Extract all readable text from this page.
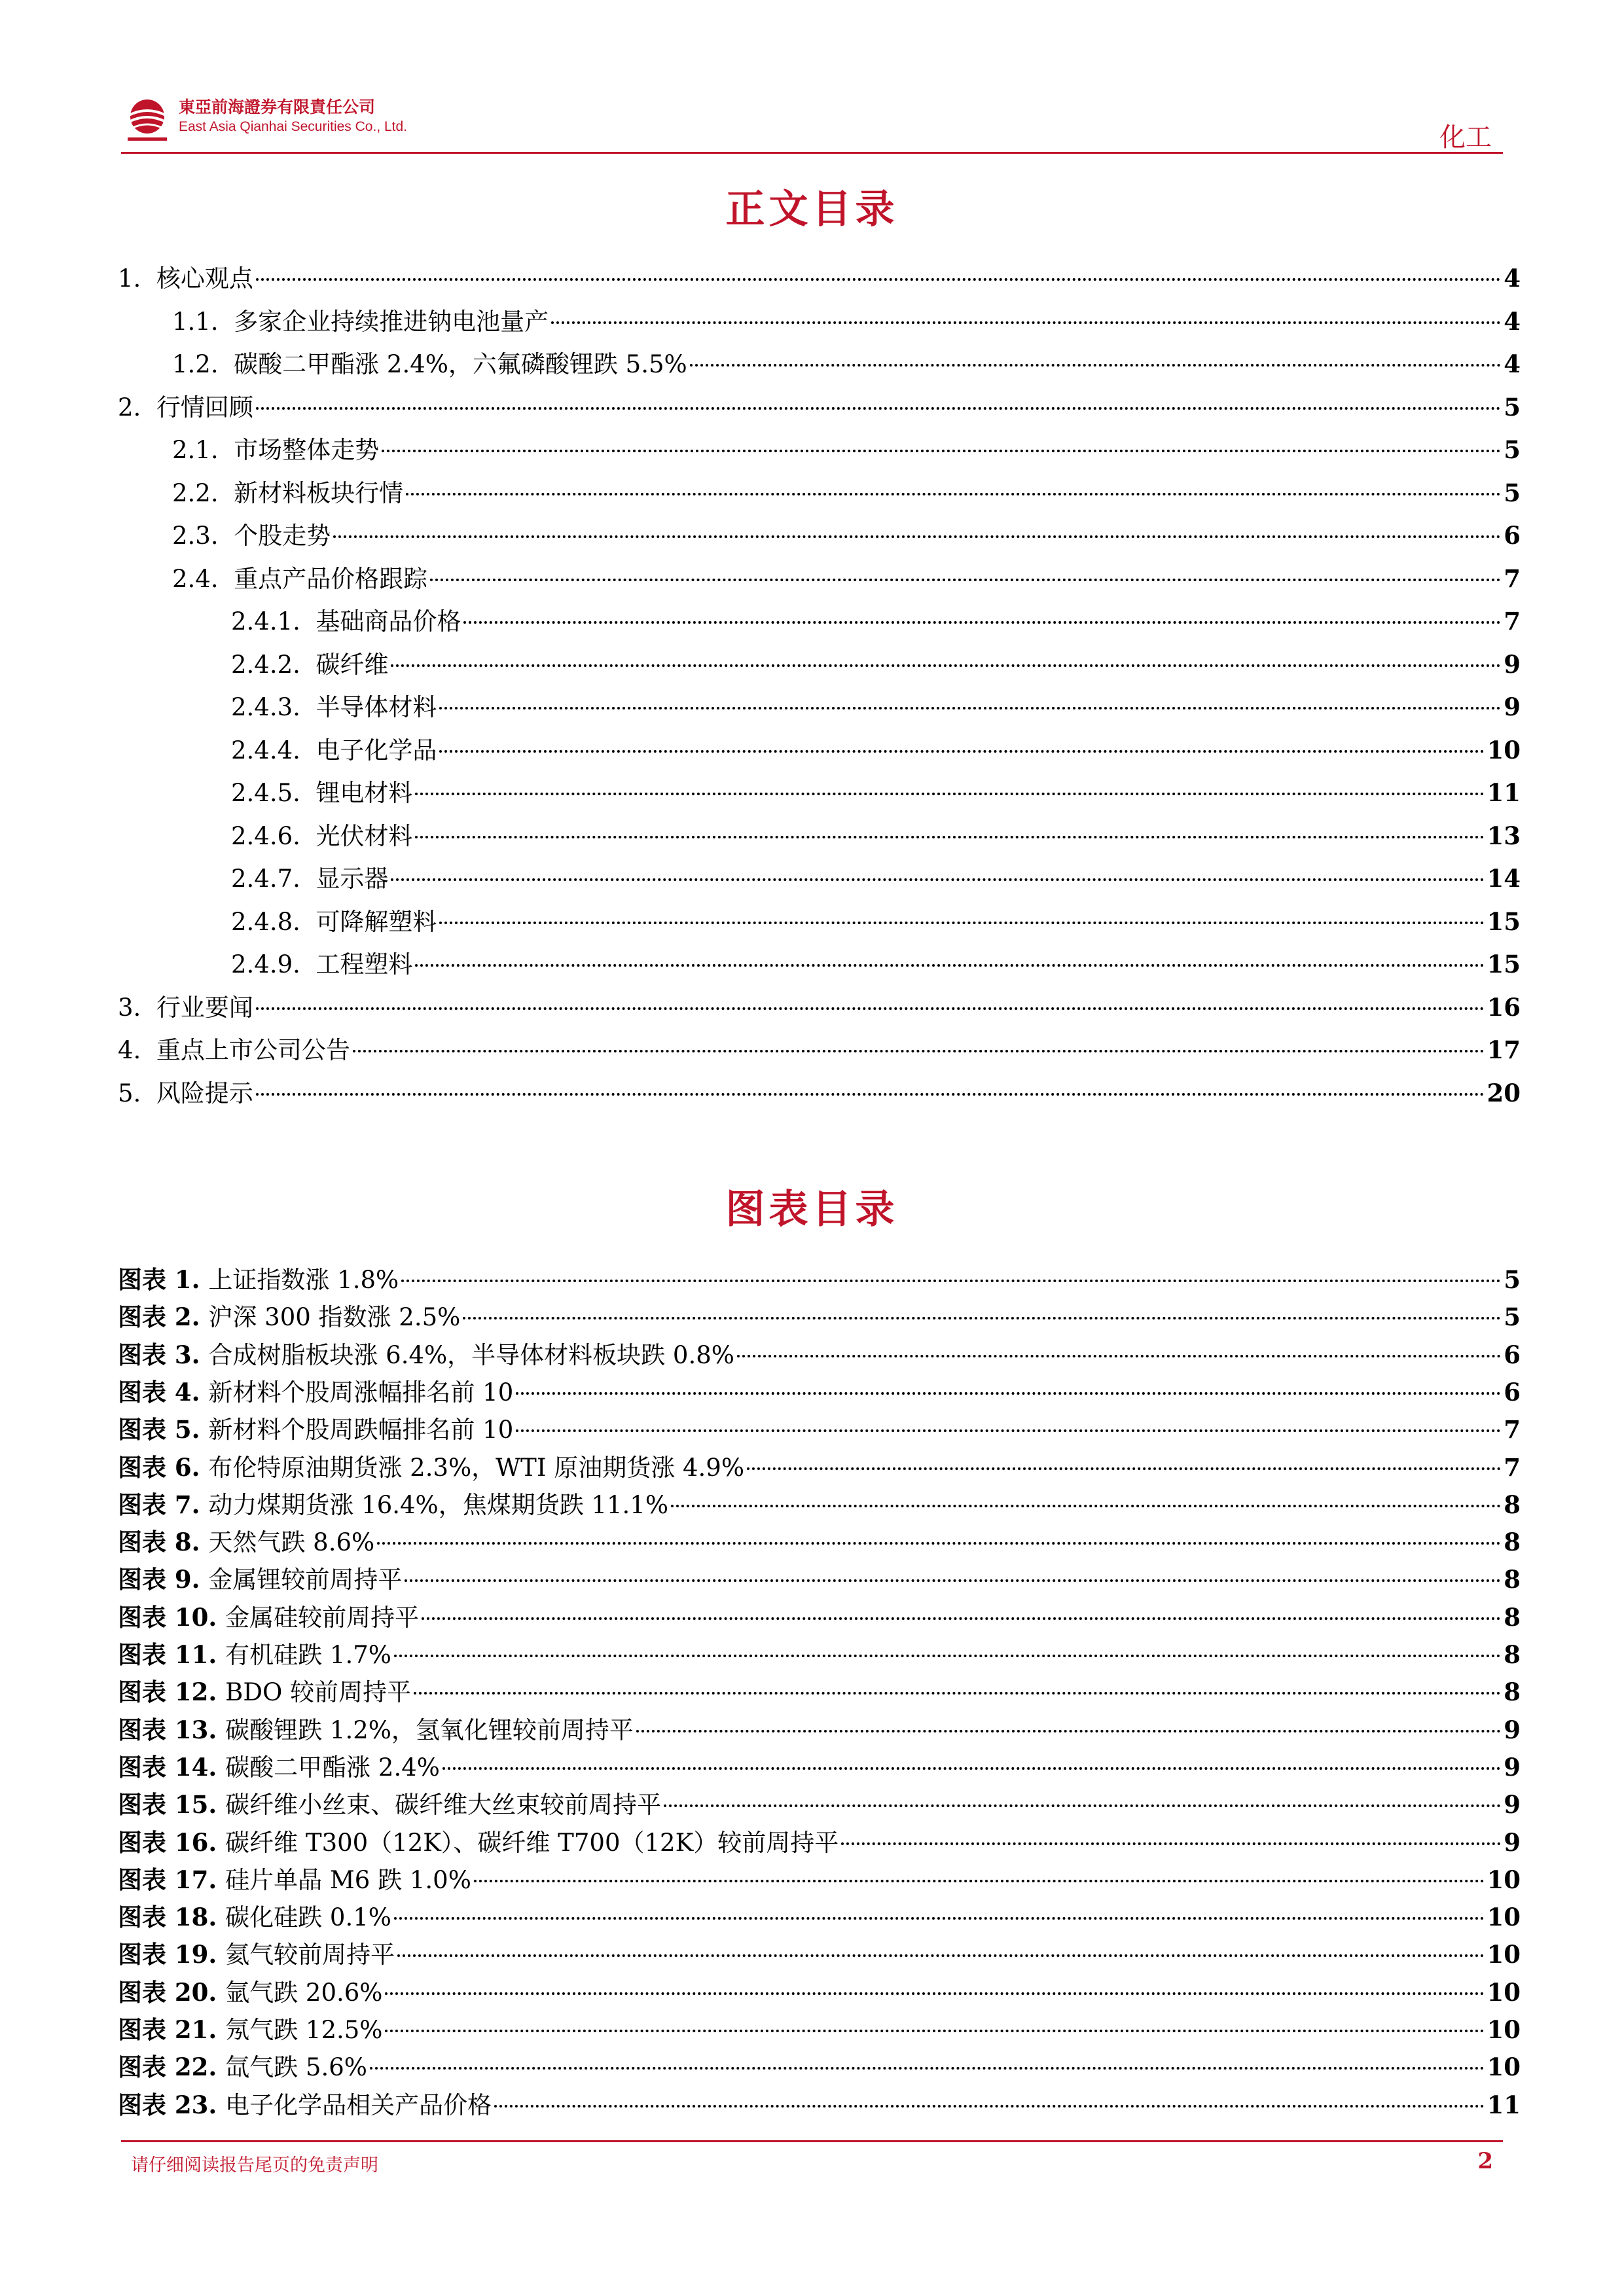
東亞前海證券有限責任公司
East Asia Qianhai Securities Co., Ltd.	化工
正文目录
1. 核心观点	4
1.1. 多家企业持续推进钠电池量产	4
1.2. 碳酸二甲酯涨 2.4%，六氟磷酸锂跌 5.5%	4
2. 行情回顾	5
2.1. 市场整体走势	5
2.2. 新材料板块行情	5
2.3. 个股走势	6
2.4. 重点产品价格跟踪	7
2.4.1. 基础商品价格	7
2.4.2. 碳纤维	9
2.4.3. 半导体材料	9
2.4.4. 电子化学品	10
2.4.5. 锂电材料	11
2.4.6. 光伏材料	13
2.4.7. 显示器	14
2.4.8. 可降解塑料	15
2.4.9. 工程塑料	15
3. 行业要闻	16
4. 重点上市公司公告	17
5. 风险提示	20
图表目录
图表 1. 上证指数涨 1.8%	5
图表 2. 沪深 300 指数涨 2.5%	5
图表 3. 合成树脂板块涨 6.4%，半导体材料板块跌 0.8%	6
图表 4. 新材料个股周涨幅排名前 10	6
图表 5. 新材料个股周跌幅排名前 10	7
图表 6. 布伦特原油期货涨 2.3%，WTI 原油期货涨 4.9%	7
图表 7. 动力煤期货涨 16.4%，焦煤期货跌 11.1%	8
图表 8. 天然气跌 8.6%	8
图表 9. 金属锂较前周持平	8
图表 10. 金属硅较前周持平	8
图表 11. 有机硅跌 1.7%	8
图表 12. BDO 较前周持平	8
图表 13. 碳酸锂跌 1.2%，氢氧化锂较前周持平	9
图表 14. 碳酸二甲酯涨 2.4%	9
图表 15. 碳纤维小丝束、碳纤维大丝束较前周持平	9
图表 16. 碳纤维 T300（12K）、碳纤维 T700（12K）较前周持平	9
图表 17. 硅片单晶 M6 跌 1.0%	10
图表 18. 碳化硅跌 0.1%	10
图表 19. 氦气较前周持平	10
图表 20. 氩气跌 20.6%	10
图表 21. 氖气跌 12.5%	10
图表 22. 氙气跌 5.6%	10
图表 23. 电子化学品相关产品价格	11
请仔细阅读报告尾页的免责声明	2
